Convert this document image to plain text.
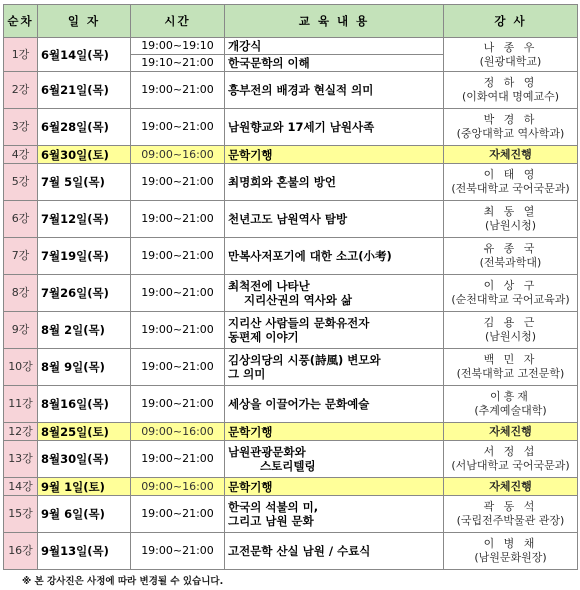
순차	일 자	시간	교 육 내 용	강 사
1강	6월14일(목)	19:00~19:10	개강식	나 종 우
(원광대학교)

		19:10~21:00	한국문학의 이해	
2강	6월21일(목)	19:00~21:00	흥부전의 배경과 현실적 의미	정 하 영
(이화여대 명예교수)

3강	6월28일(목)	19:00~21:00	남원향교와 17세기 남원사족	박 경 하
(중앙대학교 역사학과)

4강	6월30일(토)	09:00~16:00	문학기행	자체진행
5강	7월 5일(목)	19:00~21:00	최명희와 혼불의 방언	이 태 영
(전북대학교 국어국문과)

6강	7월12일(목)	19:00~21:00	천년고도 남원역사 탐방	최 동 열
(남원시청)

7강	7월19일(목)	19:00~21:00	만복사저포기에 대한 소고(小考)	유 종 국
(전북과학대)

8강	7월26일(목)	19:00~21:00	최척전에 나타난
지리산권의 역사와 삶	이 상 구
(순천대학교 국어교육과)

9강	8월 2일(목)	19:00~21:00	지리산 사람들의 문화유전자
동편제 이야기	김 용 근
(남원시청)

10강	8월 9일(목)	19:00~21:00	김상의당의 시풍(詩風) 변모와
그 의미	백 민 자
(전북대학교 고전문학)

11강	8월16일(목)	19:00~21:00	세상을 이끌어가는 문화예술	이흥재
(추계예술대학)

12강	8월25일(토)	09:00~16:00	문학기행	자체진행
13강	8월30일(목)	19:00~21:00	남원관광문화와
스토리텔링	서 정 섭
(서남대학교 국어국문과)

14강	9월 1일(토)	09:00~16:00	문학기행	자체진행
15강	9월 6일(목)	19:00~21:00	한국의 석불의 미,
그리고 남원 문화	곽 동 석
(국립전주박물관 관장)

16강	9월13일(목)	19:00~21:00	고전문학 산실 남원 / 수료식	이 병 채
(남원문화원장)
※ 본 강사진은 사정에 따라 변경될 수 있습니다.
